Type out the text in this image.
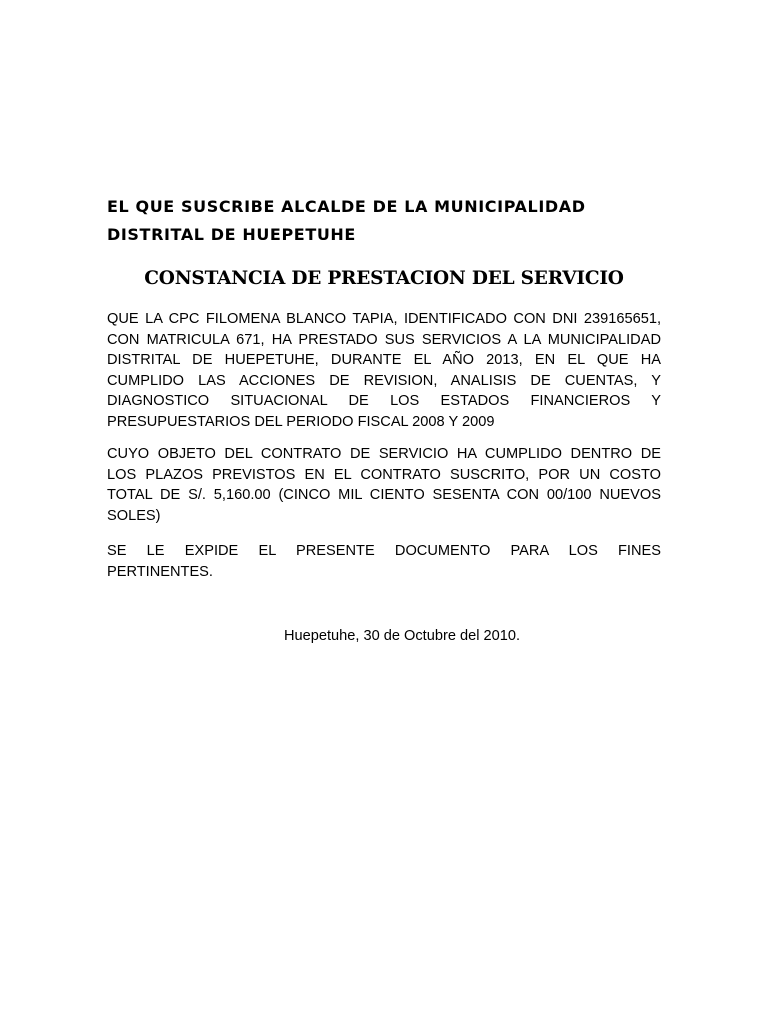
EL QUE SUSCRIBE ALCALDE DE LA MUNICIPALIDAD
DISTRITAL DE HUEPETUHE
CONSTANCIA DE PRESTACION DEL SERVICIO
QUE LA CPC FILOMENA BLANCO TAPIA, IDENTIFICADO CON DNI 239165651,
CON MATRICULA 671, HA PRESTADO SUS SERVICIOS A LA MUNICIPALIDAD
DISTRITAL DE HUEPETUHE, DURANTE EL AÑO 2013, EN EL QUE HA
CUMPLIDO LAS ACCIONES DE REVISION, ANALISIS DE CUENTAS, Y
DIAGNOSTICO SITUACIONAL DE LOS ESTADOS FINANCIEROS Y
PRESUPUESTARIOS DEL PERIODO FISCAL 2008 Y 2009
CUYO OBJETO DEL CONTRATO DE SERVICIO HA CUMPLIDO DENTRO DE
LOS PLAZOS PREVISTOS EN EL CONTRATO SUSCRITO, POR UN COSTO
TOTAL DE S/. 5,160.00 (CINCO MIL CIENTO SESENTA CON 00/100 NUEVOS
SOLES)
SE LE EXPIDE EL PRESENTE DOCUMENTO PARA LOS FINES
PERTINENTES.
Huepetuhe, 30 de Octubre del 2010.
